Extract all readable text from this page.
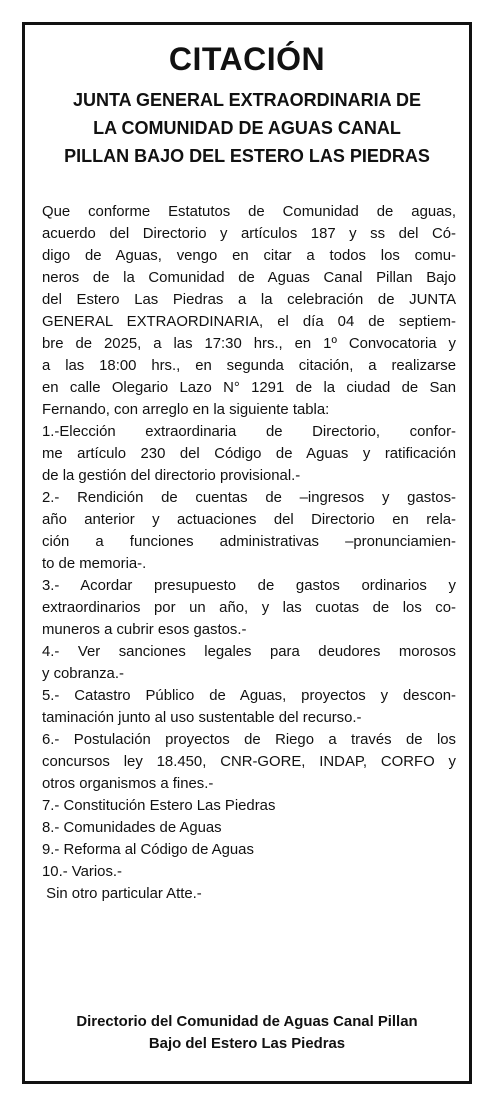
CITACIÓN
JUNTA GENERAL EXTRAORDINARIA DE
LA COMUNIDAD DE AGUAS CANAL
PILLAN BAJO DEL ESTERO LAS PIEDRAS
Que conforme Estatutos de Comunidad de aguas,
acuerdo del Directorio y artículos 187 y ss del Có-
digo de Aguas, vengo en citar a todos los comu-
neros de la Comunidad de Aguas Canal Pillan Bajo
del Estero Las Piedras a la celebración de JUNTA
GENERAL EXTRAORDINARIA, el día 04 de septiem-
bre de 2025, a las 17:30 hrs., en 1º Convocatoria y
a las 18:00 hrs., en segunda citación, a realizarse
en calle Olegario Lazo N° 1291 de la ciudad de San
Fernando, con arreglo en la siguiente tabla:
1.-Elección extraordinaria de Directorio, confor-
me artículo 230 del Código de Aguas y ratificación
de la gestión del directorio provisional.-
2.- Rendición de cuentas de –ingresos y gastos-
año anterior y actuaciones del Directorio en rela-
ción a funciones administrativas –pronunciamien-
to de memoria-.
3.- Acordar presupuesto de gastos ordinarios y
extraordinarios por un año, y las cuotas de los co-
muneros a cubrir esos gastos.-
4.- Ver sanciones legales para deudores morosos
y cobranza.-
5.- Catastro Público de Aguas, proyectos y descon-
taminación junto al uso sustentable del recurso.-
6.- Postulación proyectos de Riego a través de los
concursos ley 18.450, CNR-GORE, INDAP, CORFO y
otros organismos a fines.-
7.- Constitución Estero Las Piedras
8.- Comunidades de Aguas
9.- Reforma al Código de Aguas
10.- Varios.-
Sin otro particular Atte.-
Directorio del Comunidad de Aguas Canal Pillan
Bajo del Estero Las Piedras
